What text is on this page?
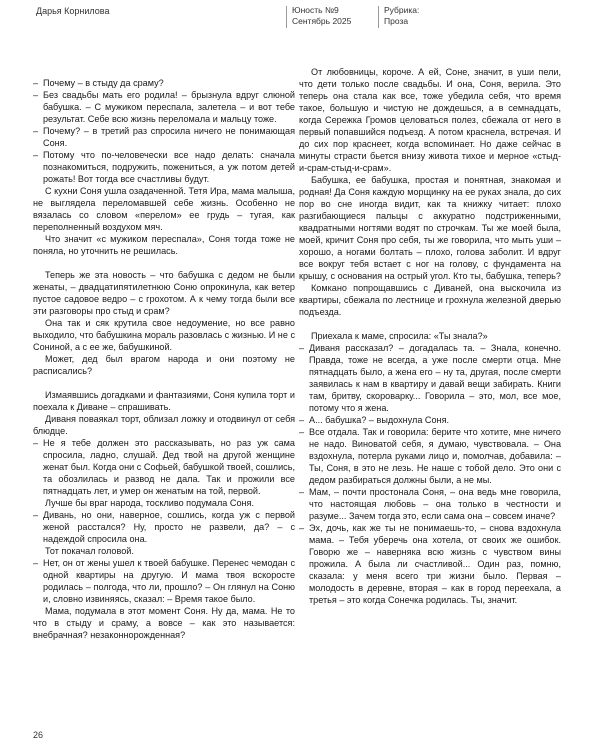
Дарья Корнилова	Юность №9
Сентябрь 2025
Рубрика:
Проза

– Почему – в стыду да сраму?

– Без свадьбы мать его родила! – брызнула вдруг слюной бабушка. – С мужиком переспала, залетела – и вот тебе результат. Себе всю жизнь переломала и мальцу тоже.

– Почему? – в третий раз спросила ничего не понимающая Соня.

– Потому что по-человечески все надо делать: сначала познакомиться, подружить, пожениться, а уж потом детей рожать! Вот тогда все счастливы будут.

С кухни Соня ушла озадаченной. Тетя Ира, мама малыша, не выглядела переломавшей себе жизнь. Особенно не вязалась со словом «перелом» ее грудь – тугая, как переполненный воздухом мяч.

Что значит «с мужиком переспала», Соня тогда тоже не поняла, но уточнить не решилась.

Теперь же эта новость – что бабушка с дедом не были женаты, – двадцатипятилетнюю Соню опрокинула, как ветер пустое садовое ведро – с грохотом. А к чему тогда были все эти разговоры про стыд и срам?

Она так и сяк крутила свое недоумение, но все равно выходило, что бабушкина мораль разовлась с жизнью. И не с Сониной, а с ее же, бабушкиной.

Может, дед был врагом народа и они поэтому не расписались?

Измаявшись догадками и фантазиями, Соня купила торт и поехала к Диване – спрашивать.

Диваня поваякал торт, облизал ложку и отодвинул от себя блюдце.

– Не я тебе должен это рассказывать, но раз уж сама спросила, ладно, слушай. Дед твой на другой женщине женат был. Когда они с Софьей, бабушкой твоей, сошлись, та обозлилась и развод не дала. Так и прожили все пятнадцать лет, и умер он женатым на той, первой.

Лучше бы враг народа, тоскливо подумала Соня.

– Дивань, но они, наверное, сошлись, когда уж с первой женой расстался? Ну, просто не развели, да? – с надеждой спросила она.

Тот покачал головой.

– Нет, он от жены ушел к твоей бабушке. Перенес чемодан с одной квартиры на другую. И мама твоя вскоросте родилась – полгода, что ли, прошло? – Он глянул на Соню и, словно извиняясь, сказал: – Время такое было.

Мама, подумала в этот момент Соня. Ну да, мама. Не то что в стыду и сраму, а вовсе – как это называется: внебрачная? незаконнорожденная?

От любовницы, короче. А ей, Соне, значит, в уши пели, что дети только после свадьбы. И она, Соня, верила. Это теперь она стала как все, тоже убедила себя, что время такое, большую и чистую не дождешься, а в семнадцать, когда Сережка Громов целоваться полез, сбежала от него в первый попавшийся подъезд. А потом краснела, встречая. И до сих пор краснеет, когда вспоминает. Но даже сейчас в минуты страсти бьется внизу живота тихое и мерное «стыд-и-срам-стыд-и-срам».

Бабушка, ее бабушка, простая и понятная, знакомая и родная! Да Соня каждую морщинку на ее руках знала, до сих пор во сне иногда видит, как та книжку читает: плохо разгибающиеся пальцы с аккуратно подстриженными, квадратными ногтями водят по строчкам. Ты же моей была, моей, кричит Соня про себя, ты же говорила, что мыть уши – хорошо, а ногами болтать – плохо, голова заболит. И вдруг все вокруг тебя встает с ног на голову, с фундамента на крышу, с основания на острый угол. Кто ты, бабушка, теперь?

Комкано попрощавшись с Диваней, она выскочила из квартиры, сбежала по лестнице и грохнула железной дверью подъезда.

Приехала к маме, спросила: «Ты знала?»

– Диваня рассказал? – догадалась та. – Знала, конечно. Правда, тоже не всегда, а уже после смерти отца. Мне пятнадцать было, а жена его – ну та, другая, после смерти заявилась к нам в квартиру и давай вещи забирать. Книги там, бритву, скороварку... Говорила – это, мол, все мое, потому что я жена.

– А... бабушка? – выдохнула Соня.

– Все отдала. Так и говорила: берите что хотите, мне ничего не надо. Виноватой себя, я думаю, чувствовала. – Она вздохнула, потерла руками лицо и, помолчав, добавила: – Ты, Соня, в это не лезь. Не наше с тобой дело. Это они с дедом разбираться должны были, а не мы.

– Мам, – почти простонала Соня, – она ведь мне говорила, что настоящая любовь – она только в честности и разуме... Зачем тогда это, если сама она – совсем иначе?

– Эх, дочь, как же ты не понимаешь-то, – снова вздохнула мама. – Тебя уберечь она хотела, от своих же ошибок. Говорю же – наверняка всю жизнь с чувством вины прожила. А была ли счастливой... Один раз, помню, сказала: у меня всего три жизни было. Первая – молодость в деревне, вторая – как в город переехала, а третья – это когда Сонечка родилась. Ты, значит.

26
